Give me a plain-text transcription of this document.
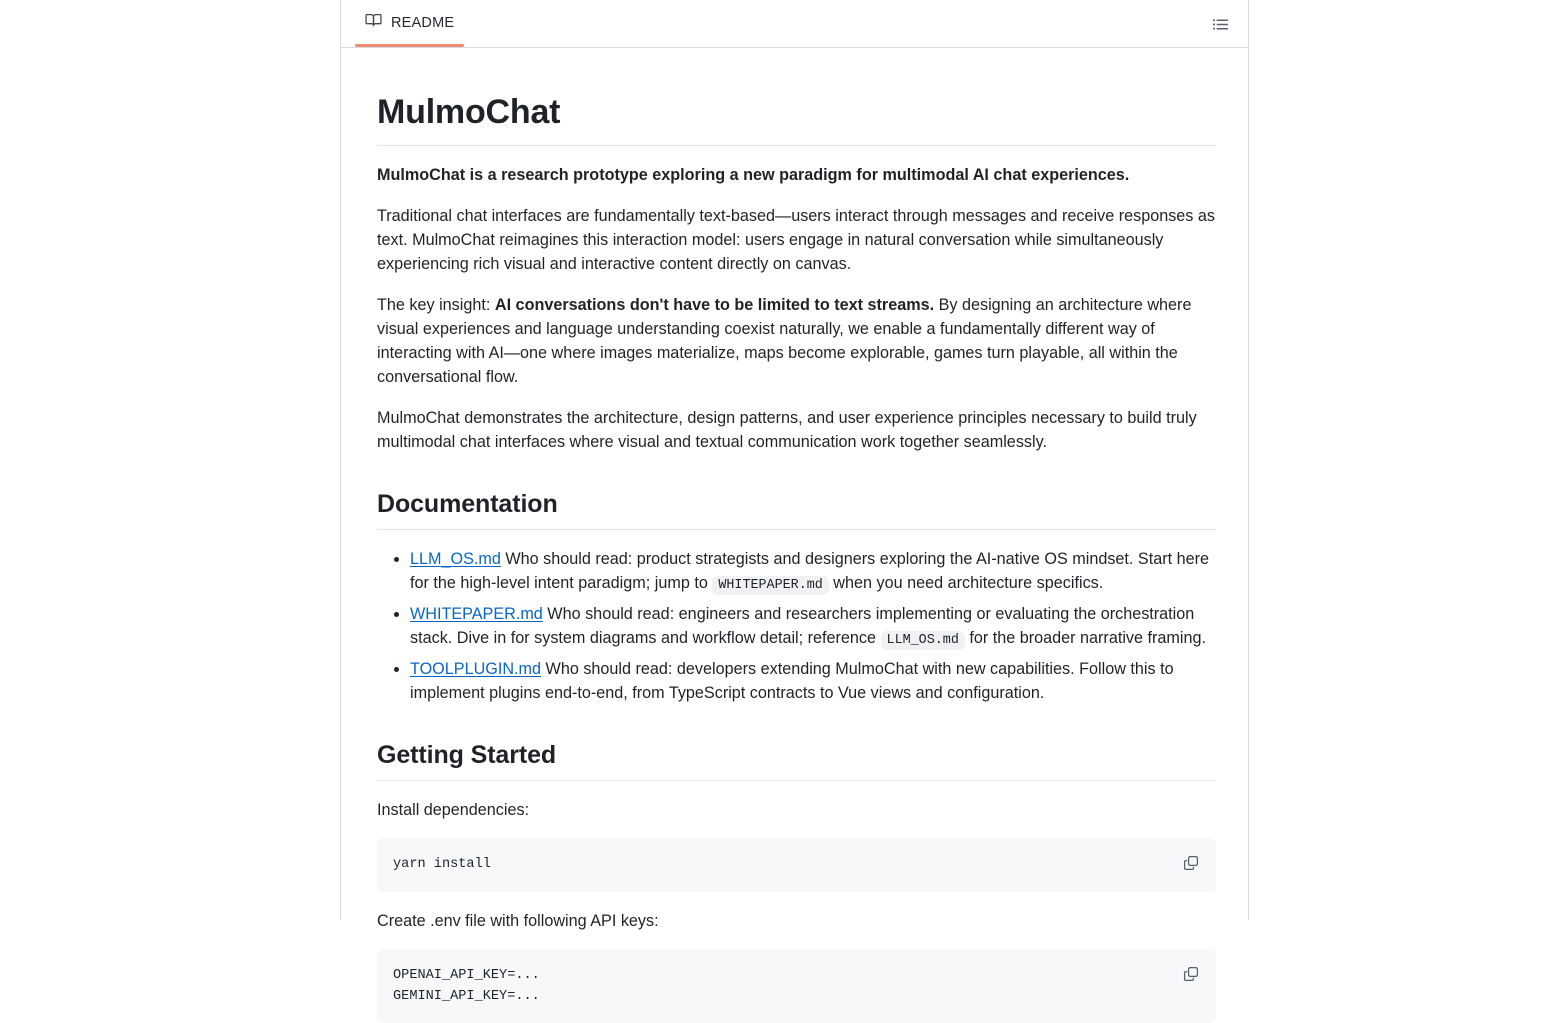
README
MulmoChat

MulmoChat is a research prototype exploring a new paradigm for multimodal AI chat experiences.

Traditional chat interfaces are fundamentally text-based—users interact through messages and receive responses as text. MulmoChat reimagines this interaction model: users engage in natural conversation while simultaneously experiencing rich visual and interactive content directly on canvas.

The key insight: AI conversations don't have to be limited to text streams. By designing an architecture where visual experiences and language understanding coexist naturally, we enable a fundamentally different way of interacting with AI—one where images materialize, maps become explorable, games turn playable, all within the conversational flow.

MulmoChat demonstrates the architecture, design patterns, and user experience principles necessary to build truly multimodal chat interfaces where visual and textual communication work together seamlessly.

Documentation
• LLM_OS.md Who should read: product strategists and designers exploring the AI-native OS mindset. Start here for the high-level intent paradigm; jump to WHITEPAPER.md when you need architecture specifics.
• WHITEPAPER.md Who should read: engineers and researchers implementing or evaluating the orchestration stack. Dive in for system diagrams and workflow detail; reference LLM_OS.md for the broader narrative framing.
• TOOLPLUGIN.md Who should read: developers extending MulmoChat with new capabilities. Follow this to implement plugins end-to-end, from TypeScript contracts to Vue views and configuration.
Getting Started

Install dependencies:

yarn install

Create .env file with following API keys:

OPENAI_API_KEY=...
GEMINI_API_KEY=...
